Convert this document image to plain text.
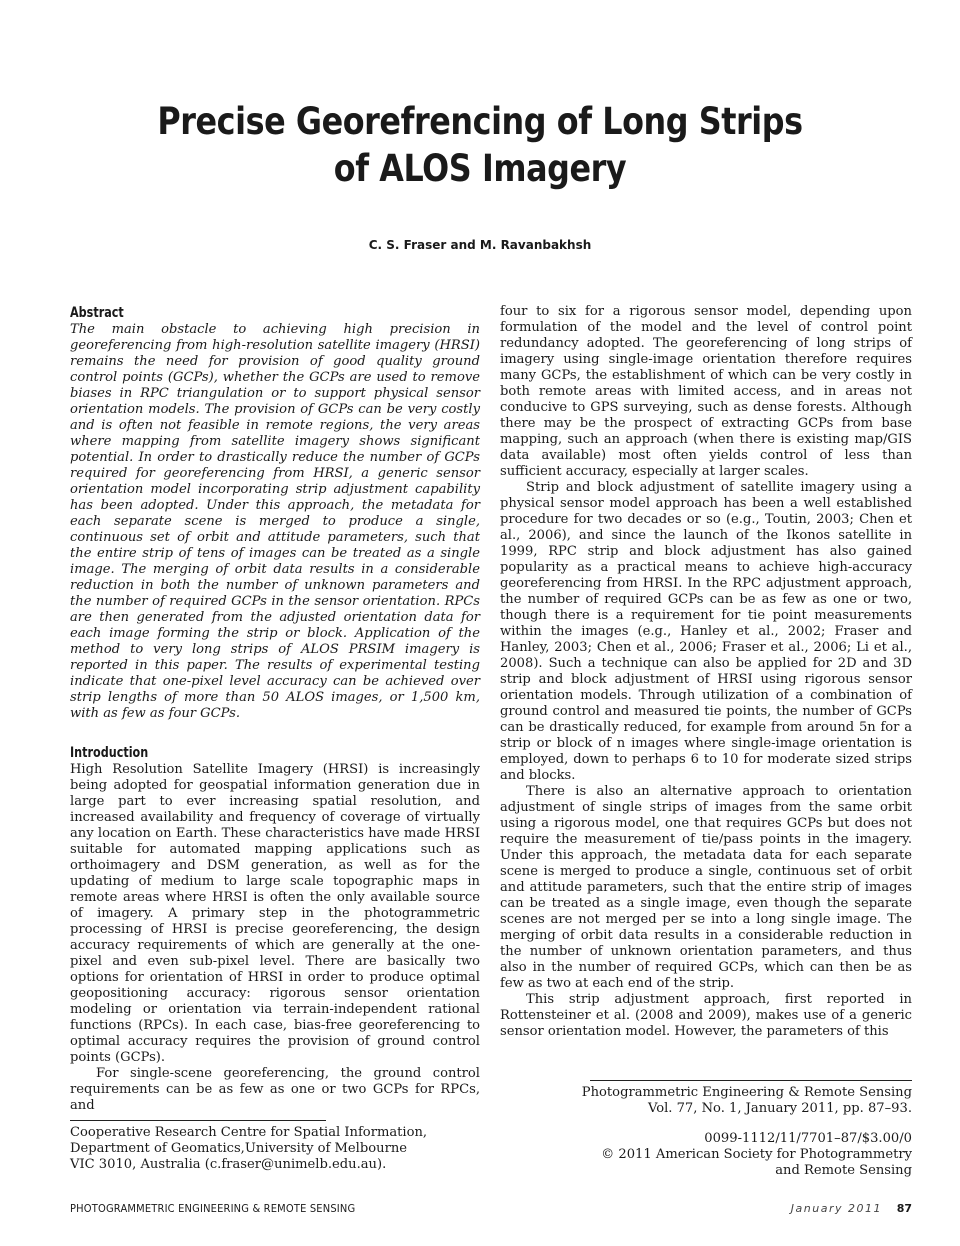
Precise Georefrencing of Long Strips
of ALOS Imagery
C. S. Fraser and M. Ravanbakhsh
Abstract

The main obstacle to achieving high precision in georeferencing from high-resolution satellite imagery (HRSI) remains the need for provision of good quality ground control points (GCPs), whether the GCPs are used to remove biases in RPC triangulation or to support physical sensor orientation models. The provision of GCPs can be very costly and is often not feasible in remote regions, the very areas where mapping from satellite imagery shows significant potential. In order to drastically reduce the number of GCPs required for georeferencing from HRSI, a generic sensor orientation model incorporating strip adjustment capability has been adopted. Under this approach, the metadata for each separate scene is merged to produce a single, continuous set of orbit and attitude parameters, such that the entire strip of tens of images can be treated as a single image. The merging of orbit data results in a considerable reduction in both the number of unknown parameters and the number of required GCPs in the sensor orientation. RPCs are then generated from the adjusted orientation data for each image forming the strip or block. Application of the method to very long strips of ALOS PRSIM imagery is reported in this paper. The results of experimental testing indicate that one-pixel level accuracy can be achieved over strip lengths of more than 50 ALOS images, or 1,500 km, with as few as four GCPs.

Introduction

High Resolution Satellite Imagery (HRSI) is increasingly being adopted for geospatial information generation due in large part to ever increasing spatial resolution, and increased availability and frequency of coverage of virtually any location on Earth. These characteristics have made HRSI suitable for automated mapping applications such as orthoimagery and DSM generation, as well as for the updating of medium to large scale topographic maps in remote areas where HRSI is often the only available source of imagery. A primary step in the photogrammetric processing of HRSI is precise georeferencing, the design accuracy requirements of which are generally at the one-pixel and even sub-pixel level. There are basically two options for orientation of HRSI in order to produce optimal geopositioning accuracy: rigorous sensor orientation modeling or orientation via terrain-independent rational functions (RPCs). In each case, bias-free georeferencing to optimal accuracy requires the provision of ground control points (GCPs).

For single-scene georeferencing, the ground control requirements can be as few as one or two GCPs for RPCs, and

four to six for a rigorous sensor model, depending upon formulation of the model and the level of control point redundancy adopted. The georeferencing of long strips of imagery using single-image orientation therefore requires many GCPs, the establishment of which can be very costly in both remote areas with limited access, and in areas not conducive to GPS surveying, such as dense forests. Although there may be the prospect of extracting GCPs from base mapping, such an approach (when there is existing map/GIS data available) most often yields control of less than sufficient accuracy, especially at larger scales.

Strip and block adjustment of satellite imagery using a physical sensor model approach has been a well established procedure for two decades or so (e.g., Toutin, 2003; Chen et al., 2006), and since the launch of the Ikonos satellite in 1999, RPC strip and block adjustment has also gained popularity as a practical means to achieve high-accuracy georeferencing from HRSI. In the RPC adjustment approach, the number of required GCPs can be as few as one or two, though there is a requirement for tie point measurements within the images (e.g., Hanley et al., 2002; Fraser and Hanley, 2003; Chen et al., 2006; Fraser et al., 2006; Li et al., 2008). Such a technique can also be applied for 2D and 3D strip and block adjustment of HRSI using rigorous sensor orientation models. Through utilization of a combination of ground control and measured tie points, the number of GCPs can be drastically reduced, for example from around 5n for a strip or block of n images where single-image orientation is employed, down to perhaps 6 to 10 for moderate sized strips and blocks.

There is also an alternative approach to orientation adjustment of single strips of images from the same orbit using a rigorous model, one that requires GCPs but does not require the measurement of tie/pass points in the imagery. Under this approach, the metadata data for each separate scene is merged to produce a single, continuous set of orbit and attitude parameters, such that the entire strip of images can be treated as a single image, even though the separate scenes are not merged per se into a long single image. The merging of orbit data results in a considerable reduction in the number of unknown orientation parameters, and thus also in the number of required GCPs, which can then be as few as two at each end of the strip.

This strip adjustment approach, first reported in Rottensteiner et al. (2008 and 2009), makes use of a generic sensor orientation model. However, the parameters of this

Photogrammetric Engineering & Remote Sensing
Vol. 77, No. 1, January 2011, pp. 87–93.
0099-1112/11/7701–87/$3.00/0
© 2011 American Society for Photogrammetry
and Remote Sensing
Cooperative Research Centre for Spatial Information,
Department of Geomatics,University of Melbourne
VIC 3010, Australia (c.fraser@unimelb.edu.au).
PHOTOGRAMMETRIC ENGINEERING & REMOTE SENSING	January 2011 87
